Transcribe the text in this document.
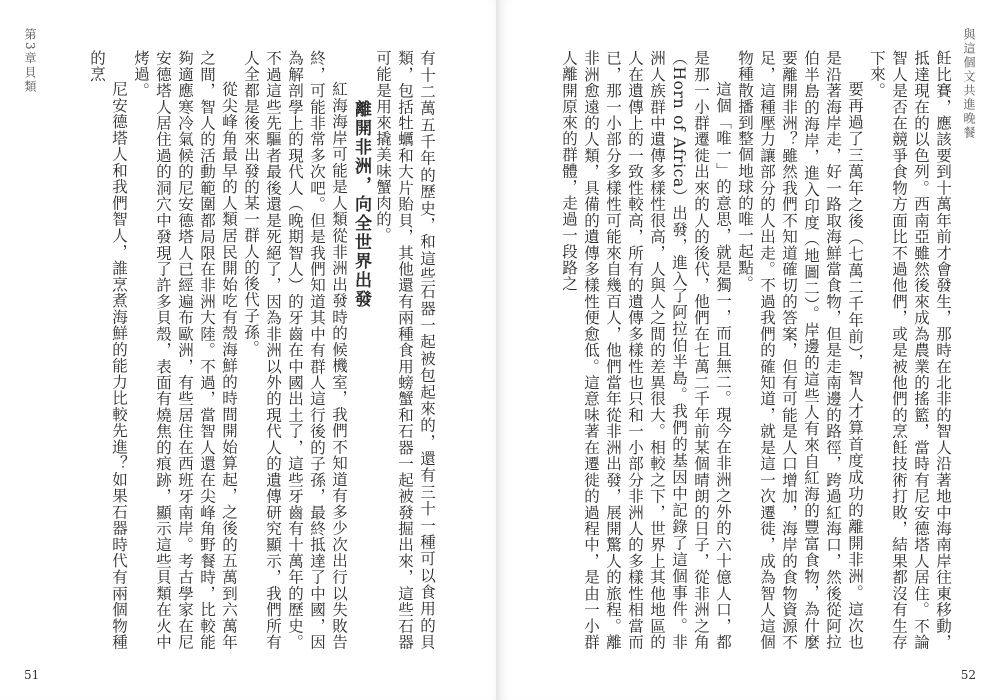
第3章貝類	有十二萬五千年的歷史，和這些石器一起被包起來的，還有三十一種可以食用的貝類，包括牡蠣和大片貽貝，其他還有兩種食用螃蟹和石器一起被發掘出來，這些石器可能是用來撬美味蟹肉的。

離開非洲，向全世界出發

紅海海岸可能是人類從非洲出發時的候機室，我們不知道有多少次出行以失敗告終，可能非常多次吧。但是我們知道其中有群人這行後的子孫，最終抵達了中國，因為解剖學上的現代人（晚期智人）的牙齒在中國出土了，這些牙齒有十萬年的歷史。不過這些先驅者最後還是死絕了，因為非洲以外的現代人的遺傳研究顯示，我們所有人全都是後來出發的某一群人的後代子孫。

從尖峰角最早的人類居民開始吃有殼海鮮的時間開始算起，之後的五萬到六萬年之間，智人的活動範圍都局限在非洲大陸。不過，當智人還在尖峰角野餐時，比較能夠適應寒冷氣候的尼安德塔人已經遍布歐洲，有些居住在西班牙南岸。考古學家在尼安德塔人居住過的洞穴中發現了許多貝殼，表面有燒焦的痕跡，顯示這些貝類在火中烤過。

尼安德塔人和我們智人，誰烹煮海鮮的能力比較先進？如果石器時代有兩個物種的烹

51
與這個文共進晚餐

飪比賽，應該要到十萬年前才會發生，那時在北非的智人沿著地中海南岸往東移動，抵達現在的以色列。西南亞雖然後來成為農業的搖籃，當時有尼安德塔人居住。不論智人是否在競爭食物方面比不過他們，或是被他們的烹飪技術打敗，結果都沒有生存下來。

要再過了三萬年之後（七萬二千年前），智人才算首度成功的離開非洲。這次也是沿著海岸走，好一路取海鮮當食物，但是走南邊的路徑，跨過紅海口，然後從阿拉伯半島的海岸，進入印度（地圖二）。岸邊的這些人有來自紅海的豐富食物，為什麼要離開非洲？雖然我們不知道確切的答案，但有可能是人口增加，海岸的食物資源不足，這種壓力讓部分的人出走。不過我們的確知道，就是這一次遷徙，成為智人這個物種散播到整個地球的唯一起點。

這個「唯一」的意思，就是獨一，而且無二。現今在非洲之外的六十億人口，都是那一小群遷徙出來的人的後代，他們在七萬二千年前某個晴朗的日子，從非洲之角（Horn of Africa）出發，進入了阿拉伯半島。我們的基因中記錄了這個事件。非洲人族群中遺傳多樣性很高，人與人之間的差異很大。相較之下，世界上其他地區的人在遺傳上的一致性較高，所有的遺傳多樣性也只和一小部分非洲人的多樣性相當而已，那一小部分多樣性可能來自幾百人，他們當年從非洲出發，展開驚人的旅程。離非洲愈遠的人類，具備的遺傳多樣性便愈低。這意味著在遷徙的過程中，是由一小群人離開原來的群體，走過一段路之

52
